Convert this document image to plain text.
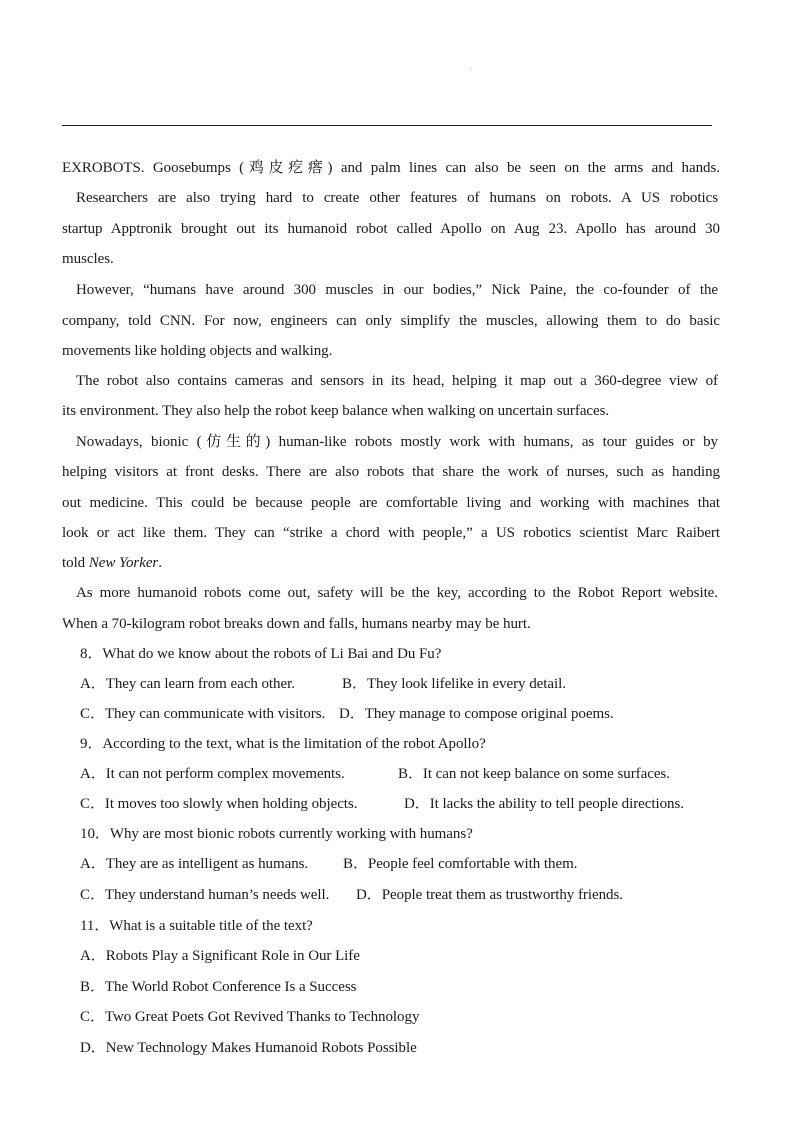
EXROBOTS. Goosebumps (鸡皮疙瘩) and palm lines can also be seen on the arms and hands.
Researchers are also trying hard to create other features of humans on robots. A US robotics
startup Apptronik brought out its humanoid robot called Apollo on Aug 23. Apollo has around 30
muscles.
However, “humans have around 300 muscles in our bodies,” Nick Paine, the co-founder of the
company, told CNN. For now, engineers can only simplify the muscles, allowing them to do basic
movements like holding objects and walking.
The robot also contains cameras and sensors in its head, helping it map out a 360-degree view of
its environment. They also help the robot keep balance when walking on uncertain surfaces.
Nowadays, bionic (仿生的) human-like robots mostly work with humans, as tour guides or by
helping visitors at front desks. There are also robots that share the work of nurses, such as handing
out medicine. This could be because people are comfortable living and working with machines that
look or act like them. They can “strike a chord with people,” a US robotics scientist Marc Raibert
told New Yorker.
As more humanoid robots come out, safety will be the key, according to the Robot Report website.
When a 70-kilogram robot breaks down and falls, humans nearby may be hurt.
8．What do we know about the robots of Li Bai and Du Fu?
A．They can learn from each other.	B．They look lifelike in every detail.
C．They can communicate with visitors. D．They manage to compose original poems.
9．According to the text, what is the limitation of the robot Apollo?
A．It can not perform complex movements.	B．It can not keep balance on some surfaces.
C．It moves too slowly when holding objects.	D．It lacks the ability to tell people directions.
10．Why are most bionic robots currently working with humans?
A．They are as intelligent as humans. B．People feel comfortable with them.
C．They understand human’s needs well. D．People treat them as trustworthy friends.
11．What is a suitable title of the text?
A．Robots Play a Significant Role in Our Life
B．The World Robot Conference Is a Success
C．Two Great Poets Got Revived Thanks to Technology
D．New Technology Makes Humanoid Robots Possible
